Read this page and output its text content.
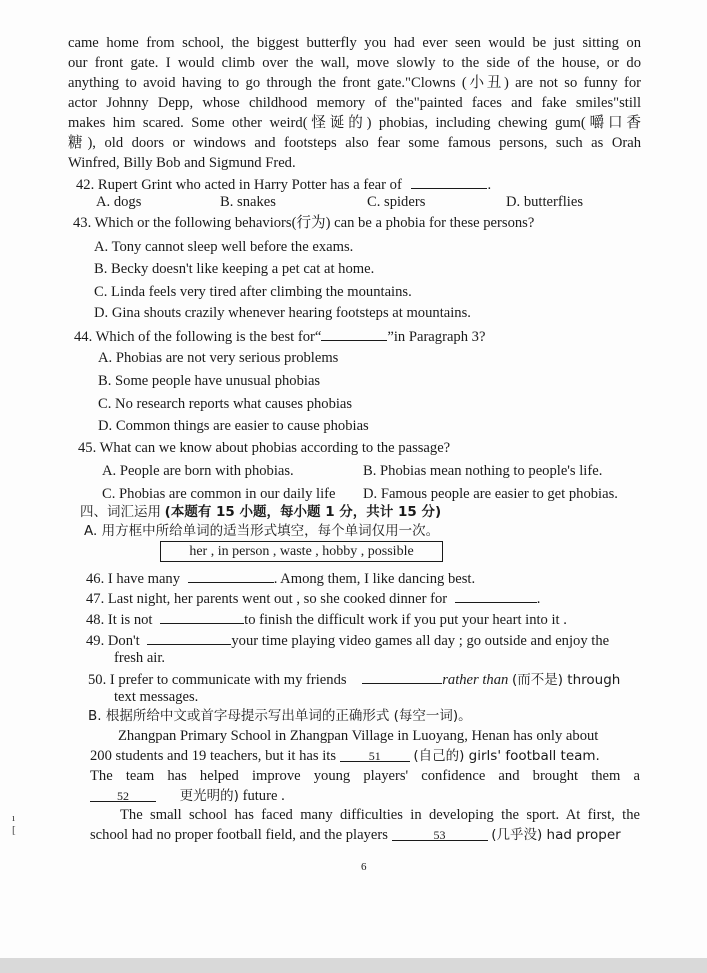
came home from school, the biggest butterfly you had ever seen would be just sitting on
our front gate. I would climb over the wall, move slowly to the side of the house, or do
anything to avoid having to go through the front gate."Clowns (小丑) are not so funny for
actor Johnny Depp, whose childhood memory of the"painted faces and fake smiles"still
makes him scared. Some other weird(怪诞的) phobias, including chewing gum(嚼口香
糖), old doors or windows and footsteps also fear some famous persons, such as Orah
Winfred, Billy Bob and Sigmund Fred.
42. Rupert Grint who acted in Harry Potter has a fear of	.
A. dogs	B. snakes	C. spiders	D. butterflies
43. Which or the following behaviors(行为) can be a phobia for these persons?
A. Tony cannot sleep well before the exams.
B. Becky doesn't like keeping a pet cat at home.
C. Linda feels very tired after climbing the mountains.
D. Gina shouts crazily whenever hearing footsteps at mountains.
44. Which of the following is the best for“	”in Paragraph 3?
A. Phobias are not very serious problems
B. Some people have unusual phobias
C. No research reports what causes phobias
D. Common things are easier to cause phobias
45. What can we know about phobias according to the passage?
A. People are born with phobias.	B. Phobias mean nothing to people's life.
C. Phobias are common in our daily life D. Famous people are easier to get phobias.
四、词汇运用 (本题有 15 小题，每小题 1 分，共计 15 分)
A. 用方框中所给单词的适当形式填空，每个单词仅用一次。
her , in person , waste , hobby , possible
46. I have many	. Among them, I like dancing best.
47. Last night, her parents went out , so she cooked dinner for	.
48. It is not	to finish the difficult work if you put your heart into it .
49. Don't	your time playing video games all day ; go outside and enjoy the
fresh air.
50. I prefer to communicate with my friends	rather than (而不是) through
text messages.
B. 根据所给中文或首字母提示写出单词的正确形式 (每空一词)。
Zhangpan Primary School in Zhangpan Village in Luoyang, Henan has only about
200 students and 19 teachers, but it has its	51 (自己的) girls' football team.
The team has helped improve young players' confidence and brought them a
52	更光明的) future .
The small school has faced many difficulties in developing the sport. At first, the
school had no proper football field, and the players	53	(几乎没) had proper
6
ı
[
